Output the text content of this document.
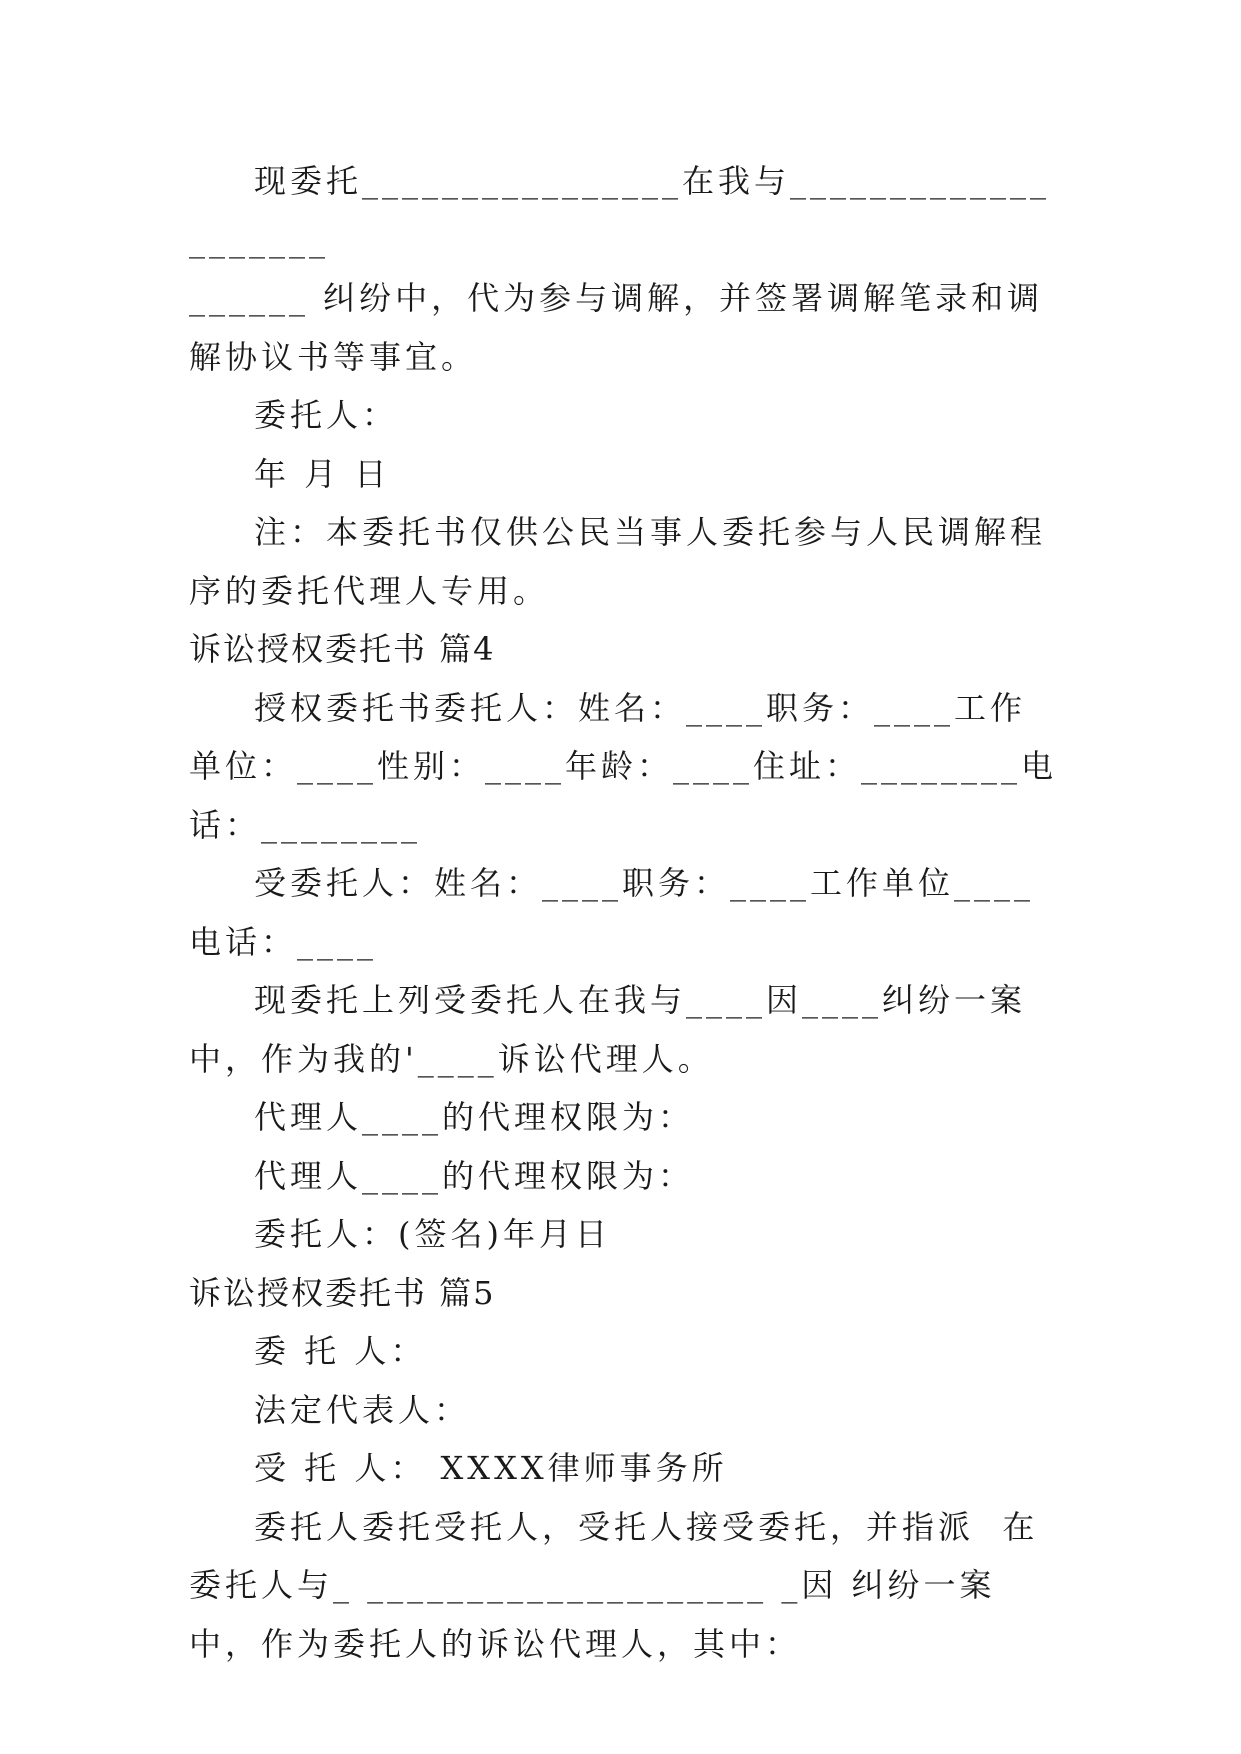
现委托________________在我与____________________

______ 纠纷中，代为参与调解，并签署调解笔录和调解协议书等事宜。

委托人：

年 月 日

注：本委托书仅供公民当事人委托参与人民调解程序的委托代理人专用。

诉讼授权委托书 篇4

授权委托书委托人：姓名：____职务：____工作单位：____性别：____年龄：____住址：________电话：________

受委托人：姓名：____职务：____工作单位____电话：____

现委托上列受委托人在我与____因____纠纷一案中，作为我的'____诉讼代理人。

代理人____的代理权限为：

代理人____的代理权限为：

委托人：(签名)年月日

诉讼授权委托书 篇5

委 托 人：

法定代表人：

受 托 人： XXXX律师事务所

委托人委托受托人，受托人接受委托，并指派  在委托人与_ ____________________ _因 纠纷一案中，作为委托人的诉讼代理人，其中：
